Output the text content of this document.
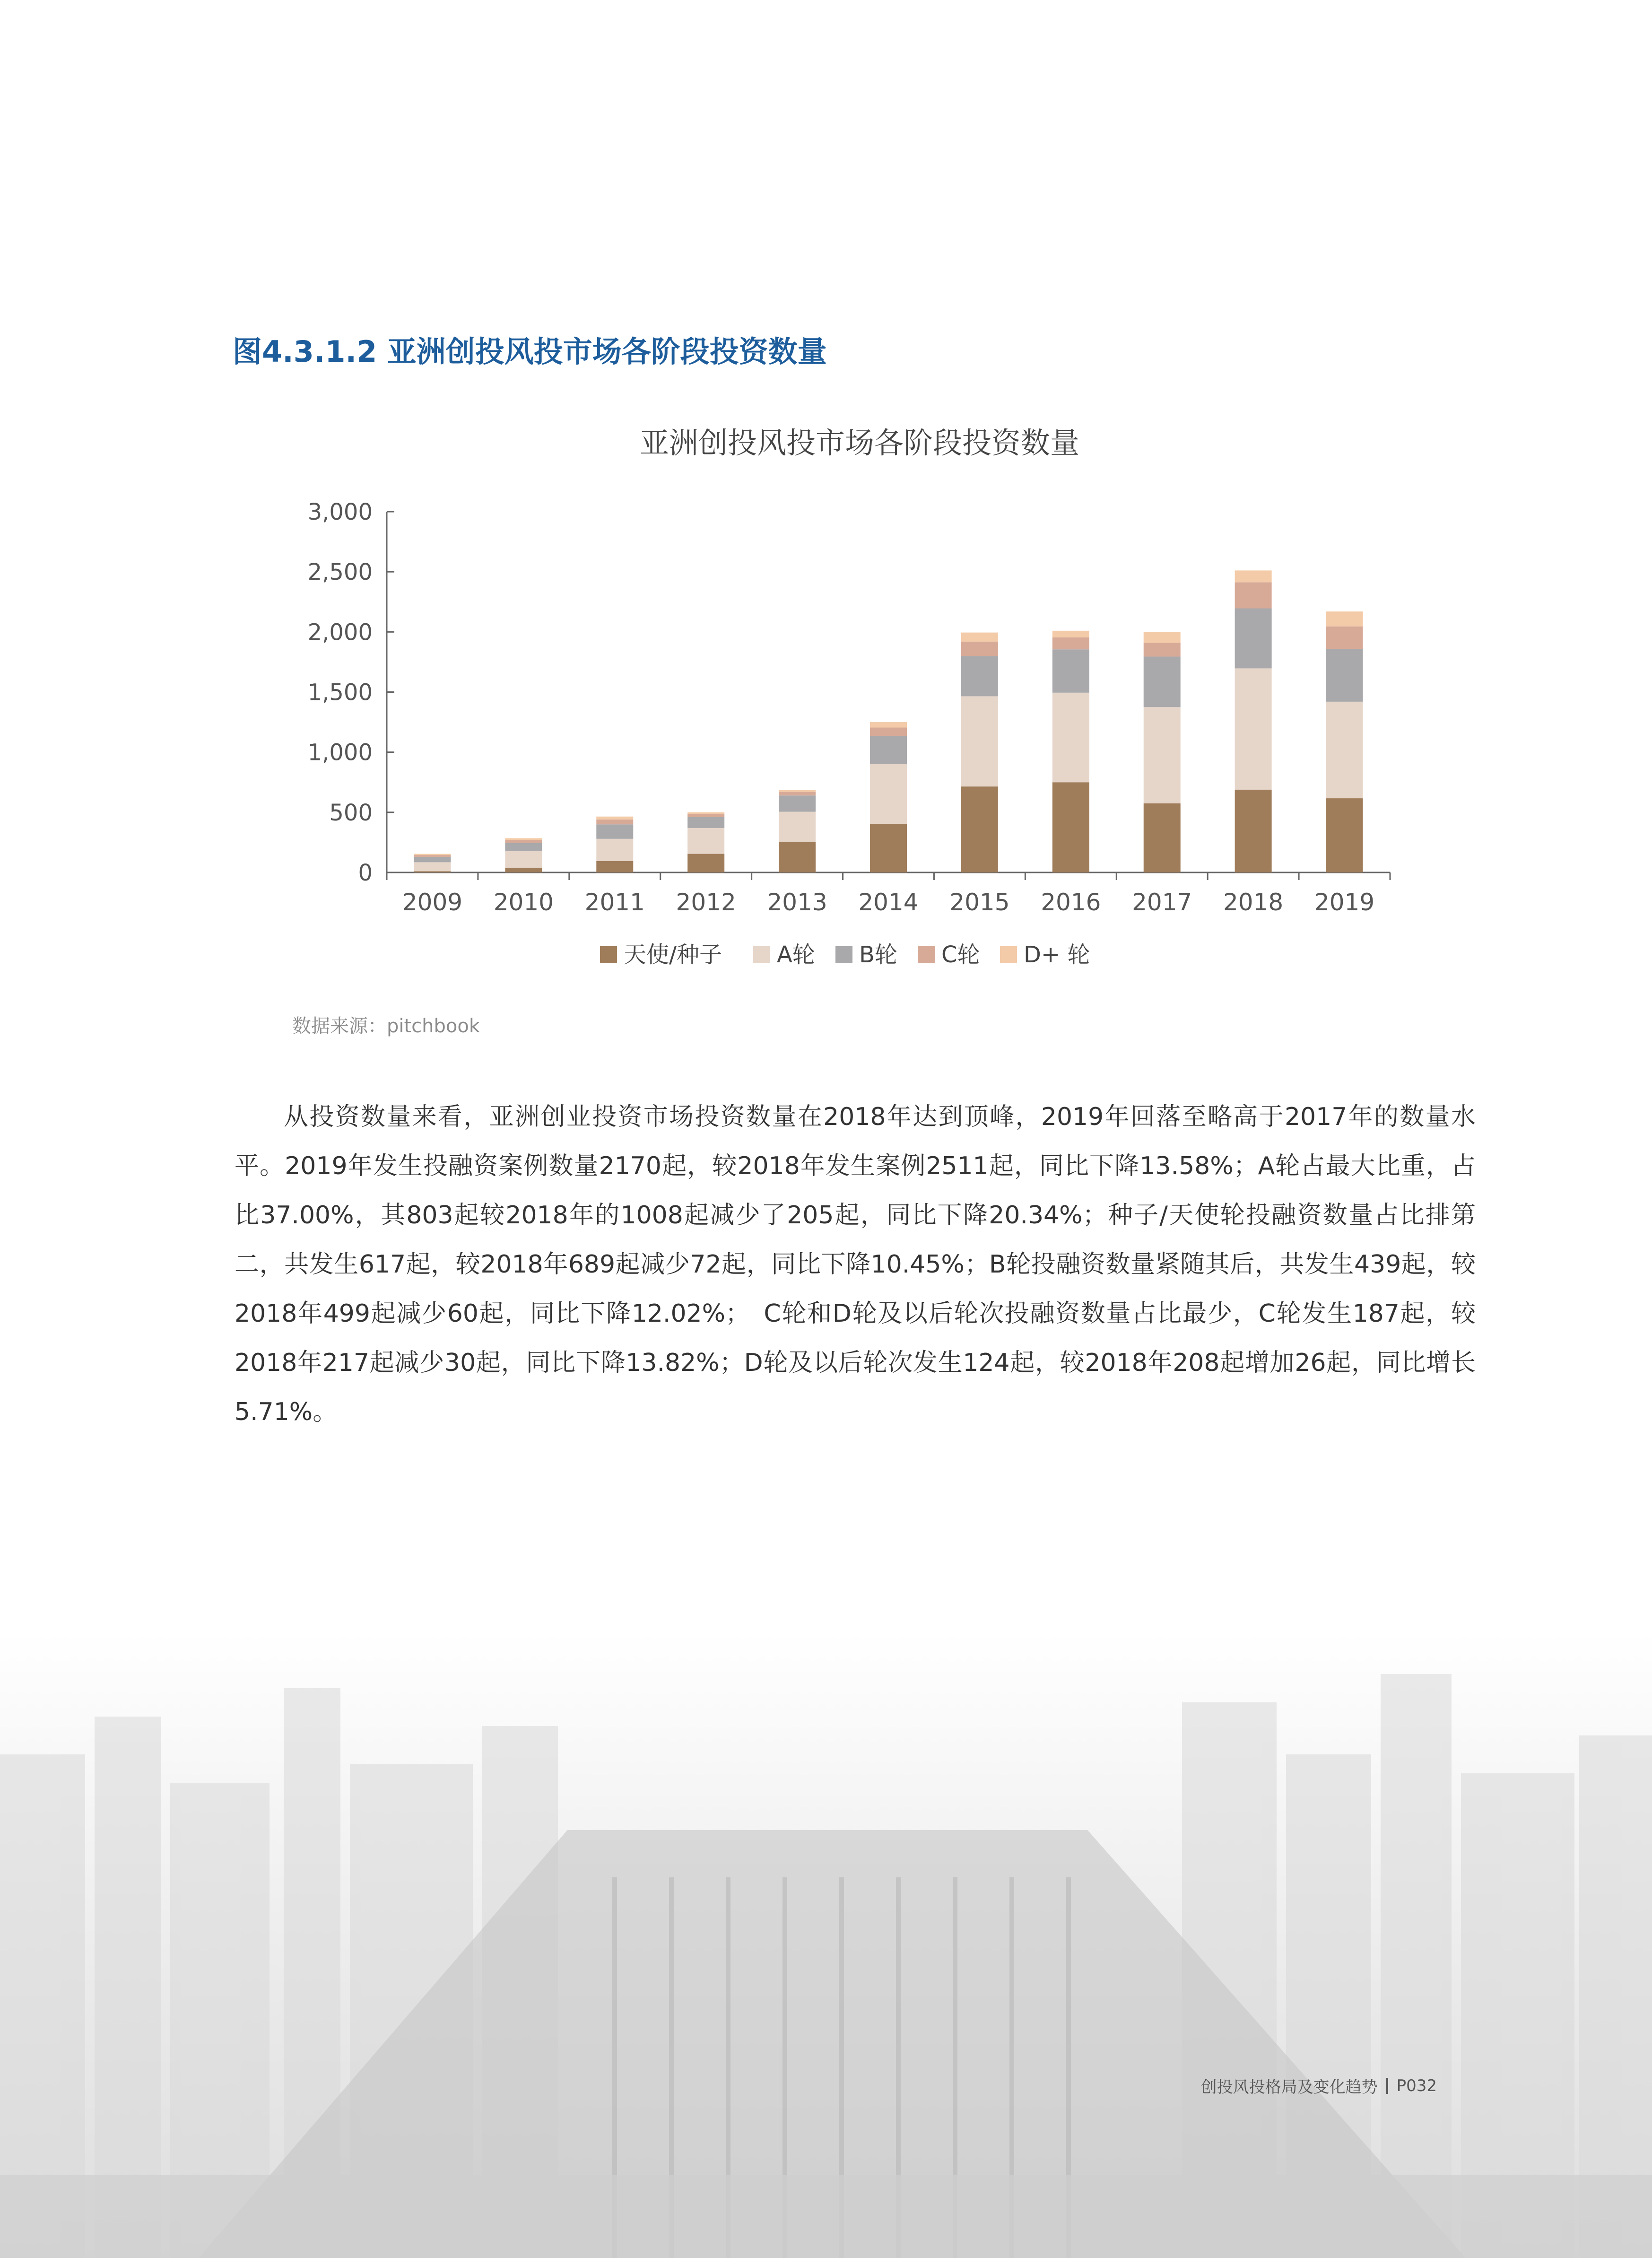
图4.3.1.2 亚洲创投风投市场各阶段投资数量
亚洲创投风投市场各阶段投资数量
0
500
1,000
1,500
2,000
2,500
3,000
2009 2010 2011 2012 2013 2014 2015 2016 2017 2018 2019
天使/种子 A轮 B轮 C轮 D+ 轮
数据来源：pitchbook

从投资数量来看，亚洲创业投资市场投资数量在2018年达到顶峰，2019年回落至略高于2017年的数量水平。2019年发生投融资案例数量2170起，较2018年发生案例2511起，同比下降13.58%；A轮占最大比重，占比37.00%，其803起较2018年的1008起减少了205起，同比下降20.34%；种子/天使轮投融资数量占比排第二，共发生617起，较2018年689起减少72起，同比下降10.45%；B轮投融资数量紧随其后，共发生439起，较2018年499起减少60起，同比下降12.02%；　C轮和D轮及以后轮次投融资数量占比最少，C轮发生187起，较2018年217起减少30起，同比下降13.82%；D轮及以后轮次发生124起，较2018年208起增加26起，同比增长5.71%。

创投风投格局及变化趋势 P032
